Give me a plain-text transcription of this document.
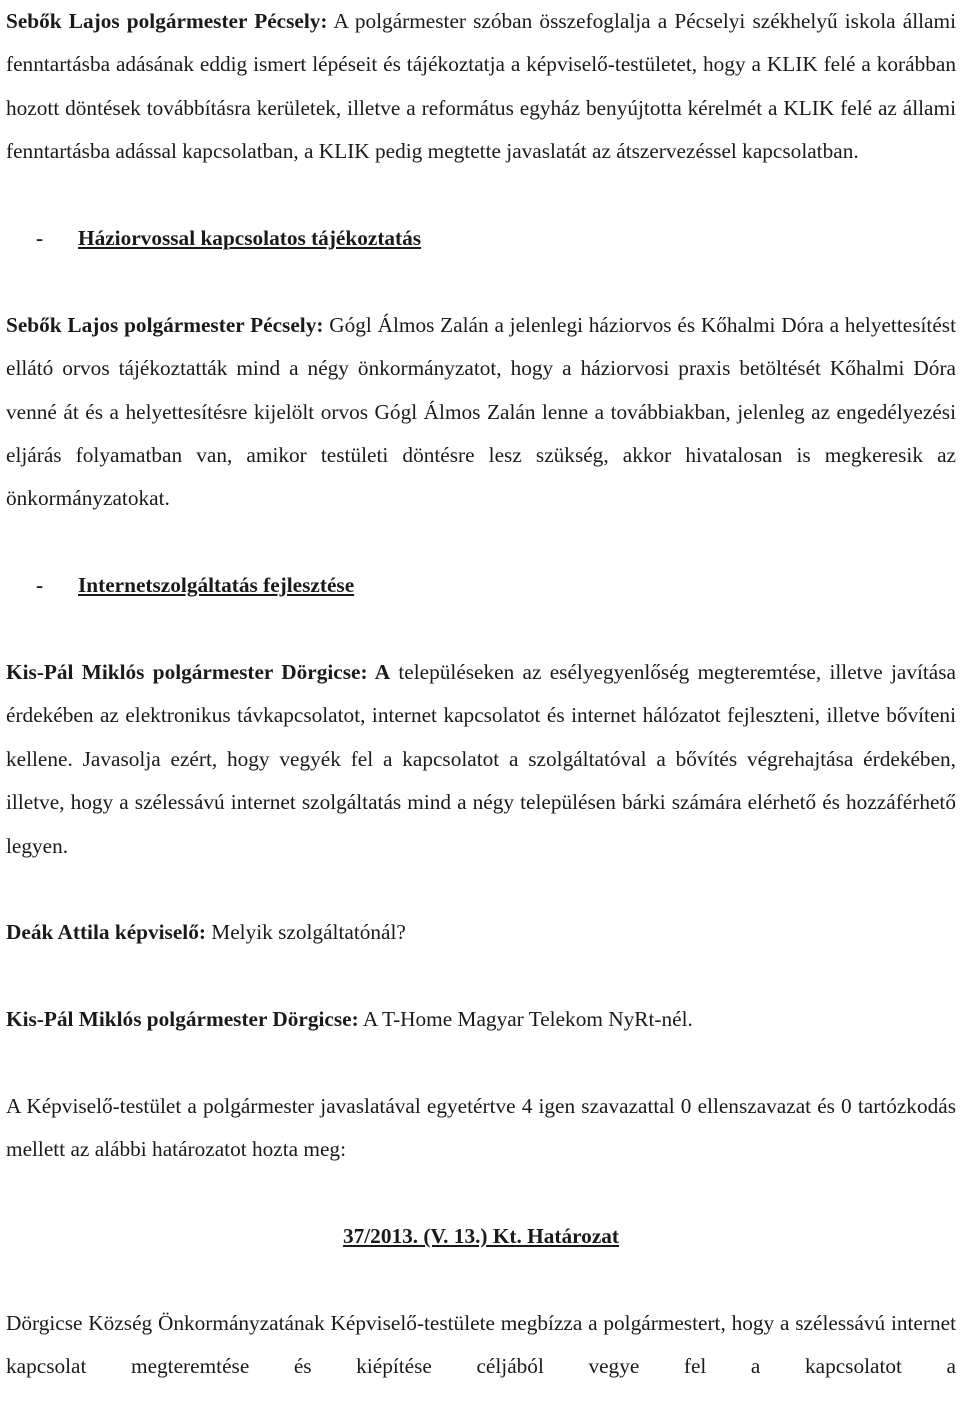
Sebők Lajos polgármester Pécsely: A polgármester szóban összefoglalja a Pécselyi székhelyű iskola állami fenntartásba adásának eddig ismert lépéseit és tájékoztatja a képviselő-testületet, hogy a KLIK felé a korábban hozott döntések továbbításra kerületek, illetve a református egyház benyújtotta kérelmét a KLIK felé az állami fenntartásba adással kapcsolatban, a KLIK pedig megtette javaslatát az átszervezéssel kapcsolatban.

- Háziorvossal kapcsolatos tájékoztatás

Sebők Lajos polgármester Pécsely: Gógl Álmos Zalán a jelenlegi háziorvos és Kőhalmi Dóra a helyettesítést ellátó orvos tájékoztatták mind a négy önkormányzatot, hogy a háziorvosi praxis betöltését Kőhalmi Dóra venné át és a helyettesítésre kijelölt orvos Gógl Álmos Zalán lenne a továbbiakban, jelenleg az engedélyezési eljárás folyamatban van, amikor testületi döntésre lesz szükség, akkor hivatalosan is megkeresik az önkormányzatokat.

- Internetszolgáltatás fejlesztése

Kis-Pál Miklós polgármester Dörgicse: A településeken az esélyegyenlőség megteremtése, illetve javítása érdekében az elektronikus távkapcsolatot, internet kapcsolatot és internet hálózatot fejleszteni, illetve bővíteni kellene. Javasolja ezért, hogy vegyék fel a kapcsolatot a szolgáltatóval a bővítés végrehajtása érdekében, illetve, hogy a szélessávú internet szolgáltatás mind a négy településen bárki számára elérhető és hozzáférhető legyen.

Deák Attila képviselő: Melyik szolgáltatónál?

Kis-Pál Miklós polgármester Dörgicse: A T-Home Magyar Telekom NyRt-nél.

A Képviselő-testület a polgármester javaslatával egyetértve 4 igen szavazattal 0 ellenszavazat és 0 tartózkodás mellett az alábbi határozatot hozta meg:

37/2013. (V. 13.) Kt. Határozat

Dörgicse Község Önkormányzatának Képviselő-testülete megbízza a polgármestert, hogy a szélessávú internet kapcsolat megteremtése és kiépítése céljából vegye fel a kapcsolatot a
